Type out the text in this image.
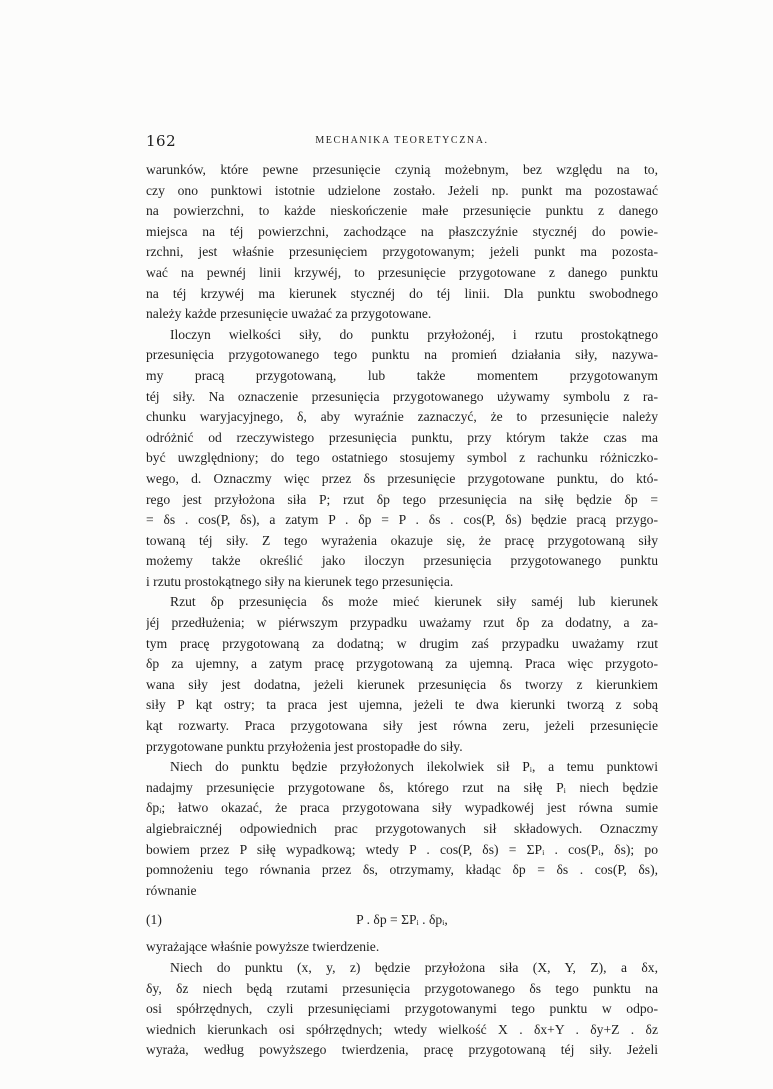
162	MECHANIKA TEORETYCZNA.
warunków, które pewne przesunięcie czynią możebnym, bez względu na to,
czy ono punktowi istotnie udzielone zostało. Jeżeli np. punkt ma pozostawać
na powierzchni, to każde nieskończenie małe przesunięcie punktu z danego
miejsca na téj powierzchni, zachodzące na płaszczyźnie stycznéj do powie-
rzchni, jest właśnie przesunięciem przygotowanym; jeżeli punkt ma pozosta-
wać na pewnéj linii krzywéj, to przesunięcie przygotowane z danego punktu
na téj krzywéj ma kierunek stycznéj do téj linii. Dla punktu swobodnego
należy każde przesunięcie uważać za przygotowane.
Iloczyn wielkości siły, do punktu przyłożonéj, i rzutu prostokątnego
przesunięcia przygotowanego tego punktu na promień działania siły, nazywa-
my pracą przygotowaną, lub także momentem przygotowanym
téj siły. Na oznaczenie przesunięcia przygotowanego używamy symbolu z ra-
chunku waryjacyjnego, δ, aby wyraźnie zaznaczyć, że to przesunięcie należy
odróżnić od rzeczywistego przesunięcia punktu, przy którym także czas ma
być uwzględniony; do tego ostatniego stosujemy symbol z rachunku różniczko-
wego, d. Oznaczmy więc przez δs przesunięcie przygotowane punktu, do któ-
rego jest przyłożona siła P; rzut δp tego przesunięcia na siłę będzie δp =
= δs . cos(P, δs), a zatym P . δp = P . δs . cos(P, δs) będzie pracą przygo-
towaną téj siły. Z tego wyrażenia okazuje się, że pracę przygotowaną siły
możemy także określić jako iloczyn przesunięcia przygotowanego punktu
i rzutu prostokątnego siły na kierunek tego przesunięcia.
Rzut δp przesunięcia δs może mieć kierunek siły saméj lub kierunek
jéj przedłużenia; w piérwszym przypadku uważamy rzut δp za dodatny, a za-
tym pracę przygotowaną za dodatną; w drugim zaś przypadku uważamy rzut
δp za ujemny, a zatym pracę przygotowaną za ujemną. Praca więc przygoto-
wana siły jest dodatna, jeżeli kierunek przesunięcia δs tworzy z kierunkiem
siły P kąt ostry; ta praca jest ujemna, jeżeli te dwa kierunki tworzą z sobą
kąt rozwarty. Praca przygotowana siły jest równa zeru, jeżeli przesunięcie
przygotowane punktu przyłożenia jest prostopadłe do siły.
Niech do punktu będzie przyłożonych ilekolwiek sił Pᵢ, a temu punktowi
nadajmy przesunięcie przygotowane δs, którego rzut na siłę Pᵢ niech będzie
δpᵢ; łatwo okazać, że praca przygotowana siły wypadkowéj jest równa sumie
algiebraicznéj odpowiednich prac przygotowanych sił składowych. Oznaczmy
bowiem przez P siłę wypadkową; wtedy P . cos(P, δs) = ΣPᵢ . cos(Pᵢ, δs); po
pomnożeniu tego równania przez δs, otrzymamy, kładąc δp = δs . cos(P, δs),
równanie
(1)	P . δp = ΣPᵢ . δpᵢ,
wyrażające właśnie powyższe twierdzenie.
Niech do punktu (x, y, z) będzie przyłożona siła (X, Y, Z), a δx,
δy, δz niech będą rzutami przesunięcia przygotowanego δs tego punktu na
osi spółrzędnych, czyli przesunięciami przygotowanymi tego punktu w odpo-
wiednich kierunkach osi spółrzędnych; wtedy wielkość X . δx+Y . δy+Z . δz
wyraża, według powyższego twierdzenia, pracę przygotowaną téj siły. Jeżeli
